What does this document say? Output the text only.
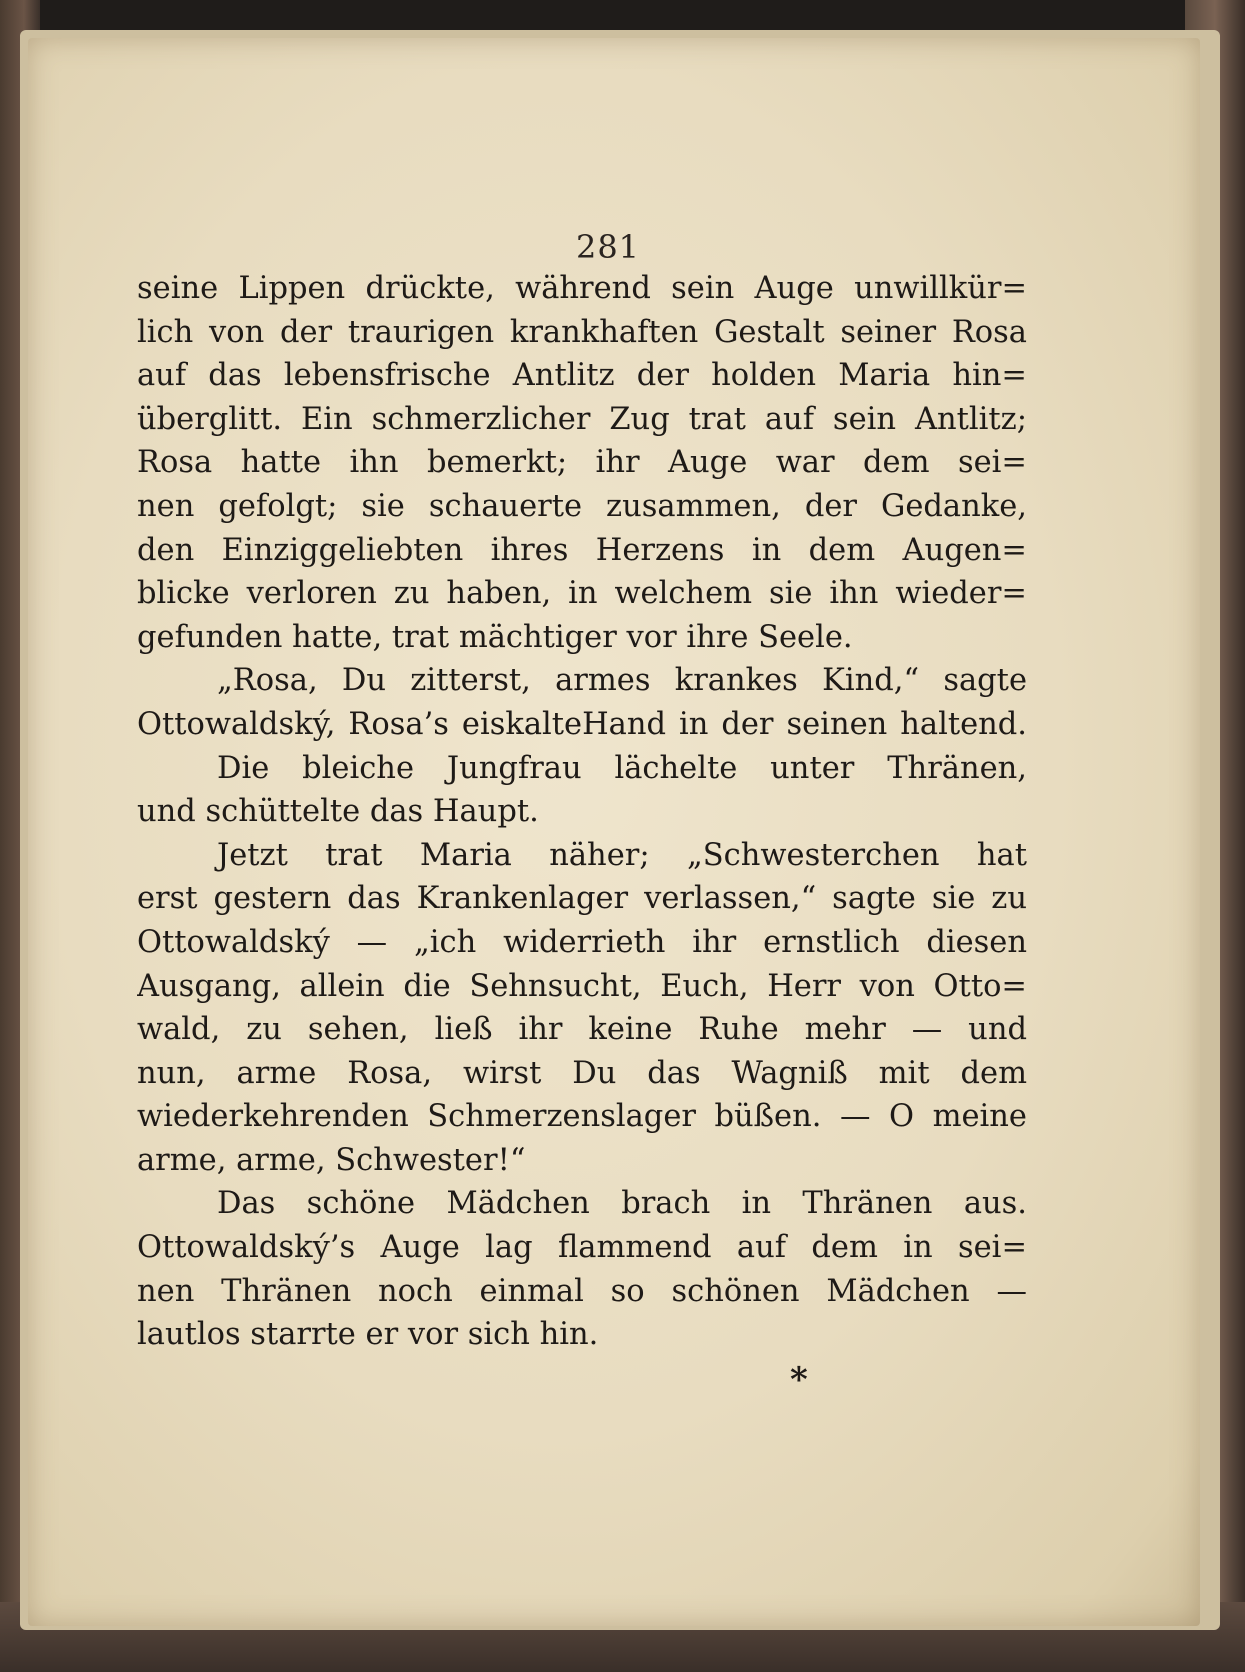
281
seine Lippen drückte, während sein Auge unwillkür=
lich von der traurigen krankhaften Gestalt seiner Rosa
auf das lebensfrische Antlitz der holden Maria hin=
überglitt. Ein schmerzlicher Zug trat auf sein Antlitz;
Rosa hatte ihn bemerkt; ihr Auge war dem sei=
nen gefolgt; sie schauerte zusammen, der Gedanke,
den Einziggeliebten ihres Herzens in dem Augen=
blicke verloren zu haben, in welchem sie ihn wieder=
gefunden hatte, trat mächtiger vor ihre Seele.
„Rosa, Du zitterst, armes krankes Kind,“ sagte
Ottowaldský, Rosa’s eiskalteHand in der seinen haltend.
Die bleiche Jungfrau lächelte unter Thränen,
und schüttelte das Haupt.
Jetzt trat Maria näher; „Schwesterchen hat
erst gestern das Krankenlager verlassen,“ sagte sie zu
Ottowaldský — „ich widerrieth ihr ernstlich diesen
Ausgang, allein die Sehnsucht, Euch, Herr von Otto=
wald, zu sehen, ließ ihr keine Ruhe mehr — und
nun, arme Rosa, wirst Du das Wagniß mit dem
wiederkehrenden Schmerzenslager büßen. — O meine
arme, arme, Schwester!“
Das schöne Mädchen brach in Thränen aus.
Ottowaldský’s Auge lag flammend auf dem in sei=
nen Thränen noch einmal so schönen Mädchen —
lautlos starrte er vor sich hin.
*
